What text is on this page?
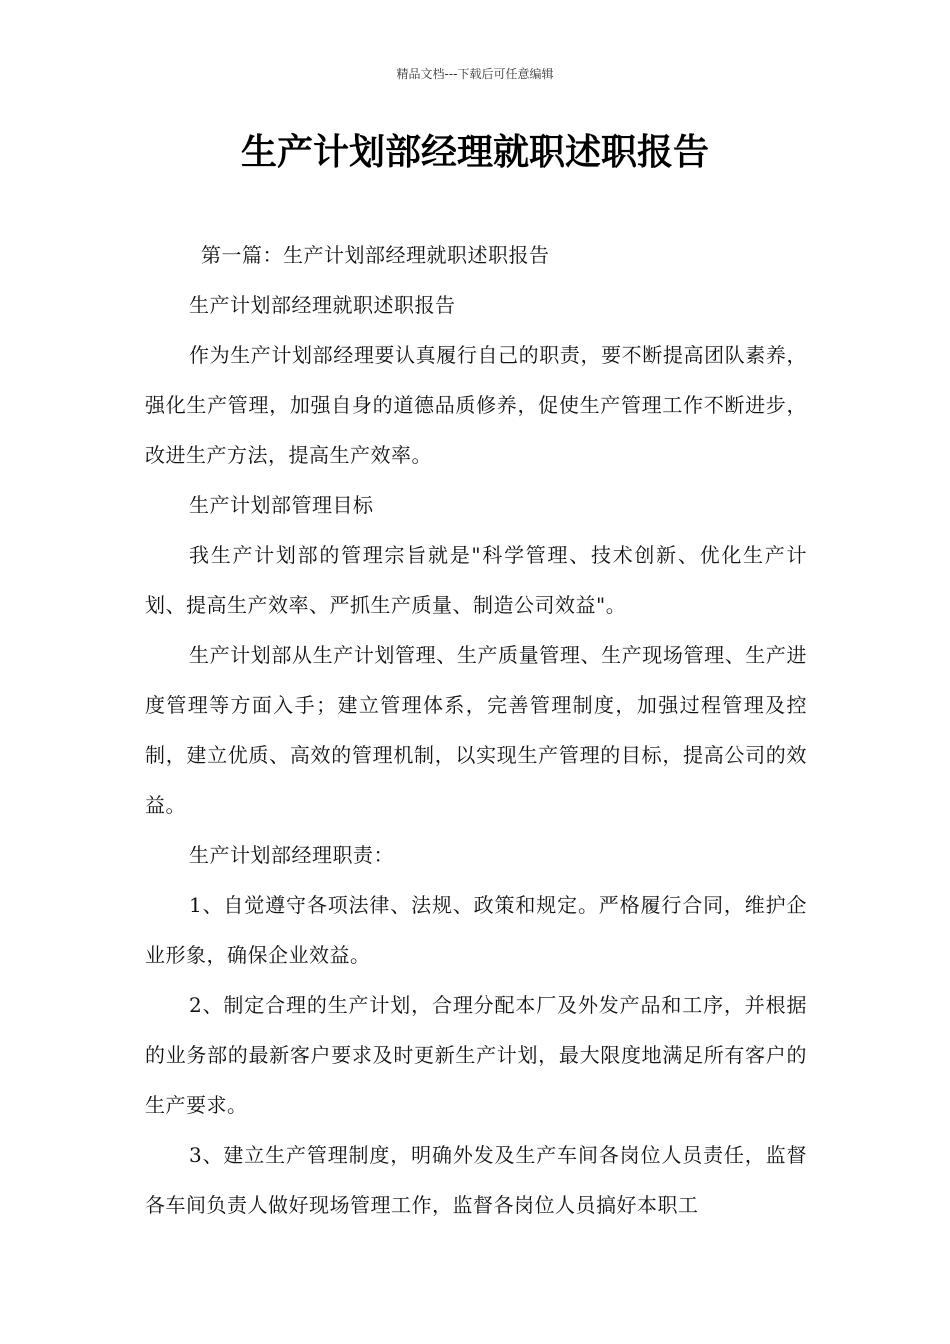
精品文档---下载后可任意编辑
生产计划部经理就职述职报告

第一篇：生产计划部经理就职述职报告

生产计划部经理就职述职报告

作为生产计划部经理要认真履行自己的职责，要不断提高团队素养，强化生产管理，加强自身的道德品质修养，促使生产管理工作不断进步，改进生产方法，提高生产效率。

生产计划部管理目标

我生产计划部的管理宗旨就是"科学管理、技术创新、优化生产计划、提高生产效率、严抓生产质量、制造公司效益"。

生产计划部从生产计划管理、生产质量管理、生产现场管理、生产进度管理等方面入手；建立管理体系，完善管理制度，加强过程管理及控制，建立优质、高效的管理机制，以实现生产管理的目标，提高公司的效益。

生产计划部经理职责：

1、自觉遵守各项法律、法规、政策和规定。严格履行合同，维护企业形象，确保企业效益。

2、制定合理的生产计划，合理分配本厂及外发产品和工序，并根据的业务部的最新客户要求及时更新生产计划，最大限度地满足所有客户的生产要求。

3、建立生产管理制度，明确外发及生产车间各岗位人员责任，监督各车间负责人做好现场管理工作，监督各岗位人员搞好本职工
